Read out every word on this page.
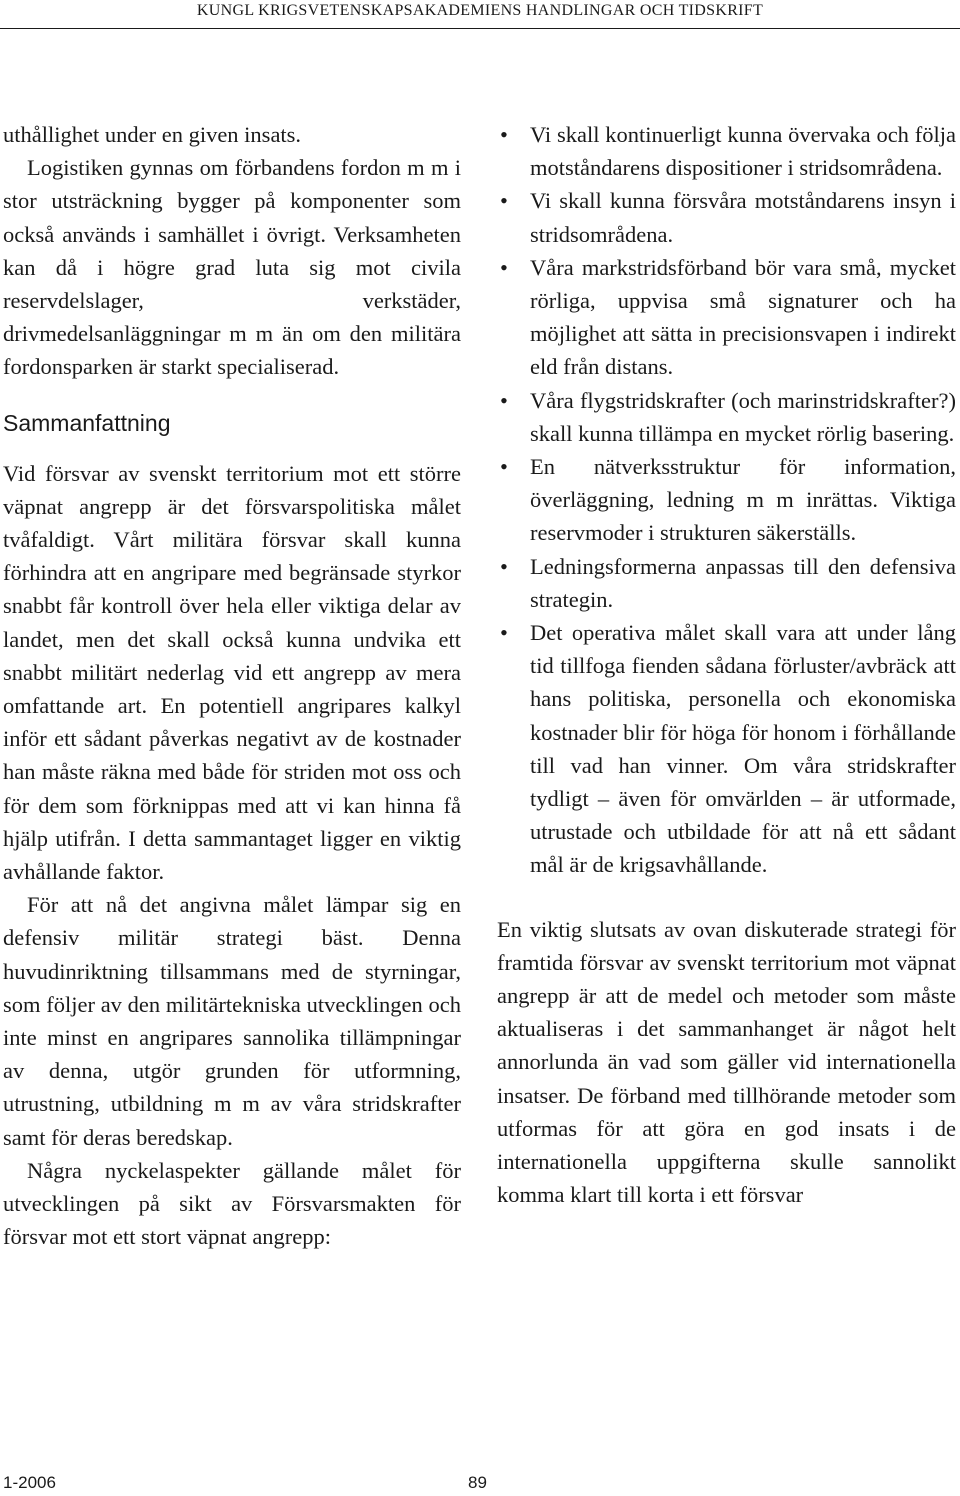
KUNGL KRIGSVETENSKAPSAKADEMIENS HANDLINGAR OCH TIDSKRIFT

uthållighet under en given insats.

Logistiken gynnas om förbandens fordon m m i stor utsträckning bygger på komponenter som också används i samhället i övrigt. Verksamheten kan då i högre grad luta sig mot civila reservdelslager, verkstäder, drivmedelsanläggningar m m än om den militära fordonsparken är starkt specialiserad.

Sammanfattning

Vid försvar av svenskt territorium mot ett större väpnat angrepp är det försvarspolitiska målet tvåfaldigt. Vårt militära försvar skall kunna förhindra att en angripare med begränsade styrkor snabbt får kontroll över hela eller viktiga delar av landet, men det skall också kunna undvika ett snabbt militärt nederlag vid ett angrepp av mera omfattande art. En potentiell angripares kalkyl inför ett sådant påverkas negativt av de kostnader han måste räkna med både för striden mot oss och för dem som förknippas med att vi kan hinna få hjälp utifrån. I detta sammantaget ligger en viktig avhållande faktor.

För att nå det angivna målet lämpar sig en defensiv militär strategi bäst. Denna huvudinriktning tillsammans med de styrningar, som följer av den militärtekniska utvecklingen och inte minst en angripares sannolika tillämpningar av denna, utgör grunden för utformning, utrustning, utbildning m m av våra stridskrafter samt för deras beredskap.

Några nyckelaspekter gällande målet för utvecklingen på sikt av Försvarsmakten för försvar mot ett stort väpnat angrepp:

• Vi skall kontinuerligt kunna övervaka och följa motståndarens dispositioner i stridsområdena.
• Vi skall kunna försvåra motståndarens insyn i stridsområdena.
• Våra markstridsförband bör vara små, mycket rörliga, uppvisa små signaturer och ha möjlighet att sätta in precisionsvapen i indirekt eld från distans.
• Våra flygstridskrafter (och marinstridskrafter?) skall kunna tillämpa en mycket rörlig basering.
• En nätverksstruktur för information, överläggning, ledning m m inrättas. Viktiga reservmoder i strukturen säkerställs.
• Ledningsformerna anpassas till den defensiva strategin.
• Det operativa målet skall vara att under lång tid tillfoga fienden sådana förluster/avbräck att hans politiska, personella och ekonomiska kostnader blir för höga för honom i förhållande till vad han vinner. Om våra stridskrafter tydligt – även för omvärlden – är utformade, utrustade och utbildade för att nå ett sådant mål är de krigsavhållande.

En viktig slutsats av ovan diskuterade strategi för framtida försvar av svenskt territorium mot väpnat angrepp är att de medel och metoder som måste aktualiseras i det sammanhanget är något helt annorlunda än vad som gäller vid internationella insatser. De förband med tillhörande metoder som utformas för att göra en god insats i de internationella uppgifterna skulle sannolikt komma klart till korta i ett försvar

1-2006	89
